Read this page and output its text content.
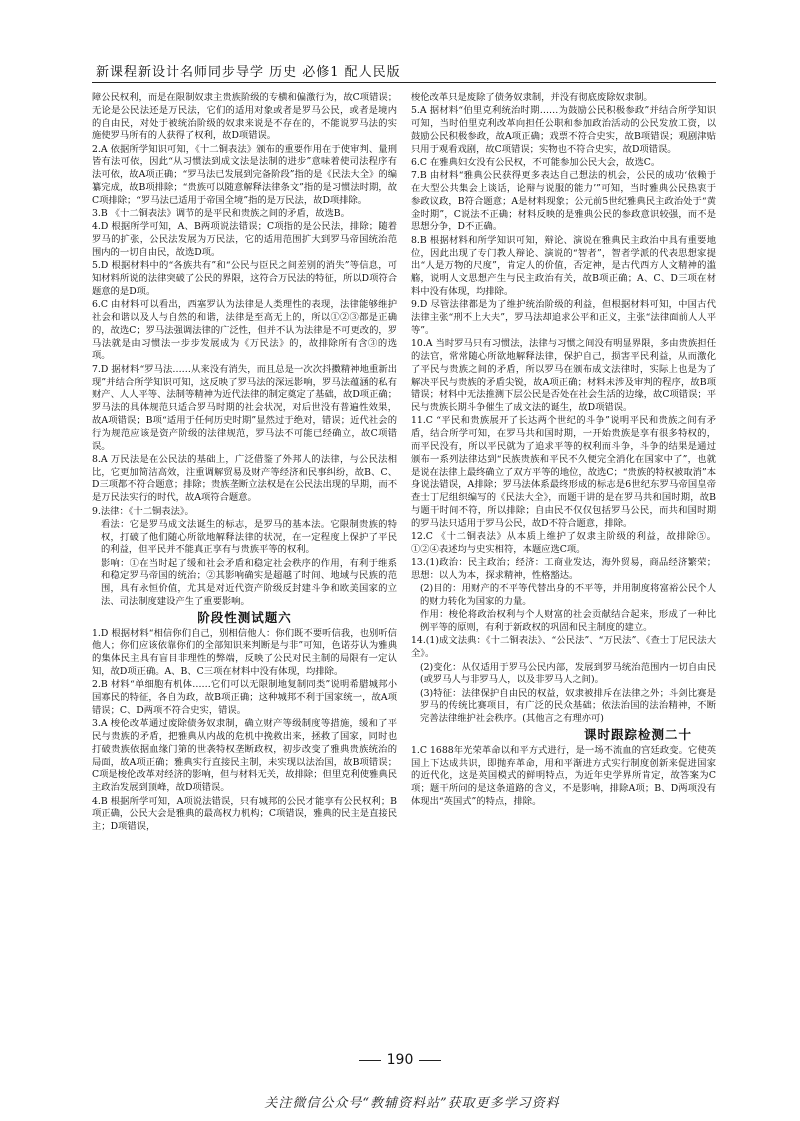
新课程新设计名师同步导学 历史 必修1 配人民版

障公民权利，而是在限制奴隶主贵族阶级的专横和偏激行为，故C项错误；无论是公民法还是万民法，它们的适用对象或者是罗马公民，或者是境内的自由民，对处于被统治阶级的奴隶来说是不存在的，不能说罗马法的实施使罗马所有的人获得了权利，故D项错误。

2.A 依据所学知识可知，《十二铜表法》颁布的重要作用在于使审判、量刑皆有法可依，因此“从习惯法到成文法是法制的进步”意味着使司法程序有法可依，故A项正确；“罗马法已发展到完备阶段”指的是《民法大全》的编纂完成，故B项排除；“贵族可以随意解释法律条文”指的是习惯法时期，故C项排除；“罗马法已适用于帝国全境”指的是万民法，故D项排除。

3.B 《十二铜表法》调节的是平民和贵族之间的矛盾，故选B。

4.D 根据所学可知，A、B两项说法错误；C项指的是公民法，排除；随着罗马的扩张，公民法发展为万民法，它的适用范围扩大到罗马帝国统治范围内的一切自由民，故选D项。

5.D 根据材料中的“各族共有”和“公民与臣民之间差别的消失”等信息，可知材料所说的法律突破了公民的界限，这符合万民法的特征，所以D项符合题意的是D项。

6.C 由材料可以看出，西塞罗认为法律是人类理性的表现，法律能够维护社会和谐以及人与自然的和谐，法律是至高无上的，所以①②③都是正确的，故选C；罗马法强调法律的广泛性，但并不认为法律是不可更改的，罗马法就是由习惯法一步步发展成为《万民法》的，故排除所有含③的选项。

7.D 据材料“罗马法……从来没有消失，而且总是一次次抖擞精神地重新出现”并结合所学知识可知，这反映了罗马法的深远影响，罗马法蕴涵的私有财产、人人平等、法制等精神为近代法律的制定奠定了基础，故D项正确；罗马法的具体规范只适合罗马时期的社会状况，对后世没有普遍性效果，故A项错误；B项“适用于任何历史时期”显然过于绝对，错误；近代社会的行为规范应该是资产阶级的法律规范，罗马法不可能已经确立，故C项错误。

8.A 万民法是在公民法的基础上，广泛借鉴了外邦人的法律，与公民法相比，它更加简洁高效，注重调解贸易及财产等经济和民事纠纷，故B、C、D三项都不符合题意；排除；贵族垄断立法权是在公民法出现的早期，而不是万民法实行的时代，故A项符合题意。

9.法律：《十二铜表法》。

看法：它是罗马成文法诞生的标志，是罗马的基本法。它限制贵族的特权，打破了他们随心所欲地解释法律的状况，在一定程度上保护了平民的利益，但平民并不能真正享有与贵族平等的权利。

影响：①在当时起了缓和社会矛盾和稳定社会秩序的作用，有利于维系和稳定罗马帝国的统治；②其影响确实是超越了时间、地域与民族的范围，具有永恒价值，尤其是对近代资产阶级反封建斗争和欧美国家的立法、司法制度建设产生了重要影响。

阶段性测试题六

1.D 根据材料“相信你们自己，别相信他人：你们既不要听信我，也别听信他人；你们应该依靠你们的全部知识来判断是与非”可知，色诺芬认为雅典的集体民主具有盲目非理性的弊端，反映了公民对民主制的局限有一定认知，故D项正确。A、B、C三项在材料中没有体现，均排除。

2.B 材料“单细胞有机体……它们可以无限制地复制同类”说明希腊城邦小国寡民的特征，各自为政，故B项正确；这种城邦不利于国家统一，故A项错误；C、D两项不符合史实，错误。

3.A 梭伦改革通过废除债务奴隶制，确立财产等级制度等措施，缓和了平民与贵族的矛盾，把雅典从内战的危机中挽救出来，拯救了国家，同时也打破贵族依据血缘门第的世袭特权垄断政权，初步改变了雅典贵族统治的局面，故A项正确；雅典实行直接民主制，未实现以法治国，故B项错误；C项是梭伦改革对经济的影响，但与材料无关，故排除；但里克利使雅典民主政治发展到顶峰，故D项错误。

4.B 根据所学可知，A项说法错误，只有城邦的公民才能享有公民权利；B项正确，公民大会是雅典的最高权力机构；C项错误，雅典的民主是直接民主；D项错误，

梭伦改革只是废除了债务奴隶制，并没有彻底废除奴隶制。

5.A 据材料“伯里克利统治时期……为鼓励公民积极参政”并结合所学知识可知，当时伯里克利改革向担任公职和参加政治活动的公民发放工资，以鼓励公民积极参政，故A项正确；戏票不符合史实，故B项错误；观剧津贴只用于观看戏剧，故C项错误；实物也不符合史实，故D项错误。

6.C 在雅典妇女没有公民权，不可能参加公民大会，故选C。

7.B 由材料“雅典公民获得更多表达自己想法的机会，公民的成功‘依赖于在大型公共集会上谈话，论辩与说服的能力’”可知，当时雅典公民热衷于参政议政，B符合题意；A是材料现象；公元前5世纪雅典民主政治处于“黄金时期”，C说法不正确；材料反映的是雅典公民的参政意识较强，而不是思想分争，D不正确。

8.B 根据材料和所学知识可知，辩论、演说在雅典民主政治中具有重要地位，因此出现了专门教人辩论、演说的“智者”，智者学派的代表思想家提出“人是万物的尺度”，肯定人的价值，否定神，是古代西方人文精神的滥觞，说明人文思想产生与民主政治有关，故B项正确；A、C、D三项在材料中没有体现，均排除。

9.D 尽管法律都是为了维护统治阶级的利益，但根据材料可知，中国古代法律主张“刑不上大夫”，罗马法却追求公平和正义，主张“法律面前人人平等”。

10.A 当时罗马只有习惯法，法律与习惯之间没有明显界限，多由贵族担任的法官，常常随心所欲地解释法律，保护自己，损害平民利益，从而激化了平民与贵族之间的矛盾，所以罗马在颁布成文法律时，实际上也是为了解决平民与贵族的矛盾尖锐，故A项正确；材料未涉及审判的程序，故B项错误；材料中无法推测下层公民是否处在社会生活的边缘，故C项错误；平民与贵族长期斗争催生了成文法的诞生，故D项错误。

11.C “平民和贵族展开了长达两个世纪的斗争”说明平民和贵族之间有矛盾，结合所学可知，在罗马共和国时期，一开始贵族是享有很多特权的，而平民没有，所以平民就为了追求平等的权利而斗争，斗争的结果是通过颁布一系列法律达到“民族贵族和平民不久便完全消化在国家中了”，也就是说在法律上最终确立了双方平等的地位，故选C；“贵族的特权被取消”本身说法错误，A排除；罗马法体系最终形成的标志是6世纪东罗马帝国皇帝查士丁尼组织编写的《民法大全》，而题干讲的是在罗马共和国时期，故B与题干时间不符，所以排除；自由民不仅仅包括罗马公民，而共和国时期的罗马法只适用于罗马公民，故D不符合题意，排除。

12.C 《十二铜表法》从本质上维护了奴隶主阶级的利益，故排除⑤。①②④表述均与史实相符，本题应选C项。

13.(1)政治：民主政治；经济：工商业发达，海外贸易，商品经济繁荣；思想：以人为本，探求精神，性格豁达。

(2)目的：用财产的不平等代替出身的不平等，并用制度将富裕公民个人的财力转化为国家的力量。

作用：梭伦将政治权利与个人财富的社会贡献结合起来，形成了一种比例平等的原则，有利于新政权的巩固和民主制度的建立。

14.(1)成文法典：《十二铜表法》、“公民法”、“万民法”、《查士丁尼民法大全》。

(2)变化：从仅适用于罗马公民内部，发展到罗马统治范围内一切自由民(或罗马人与非罗马人，以及非罗马人之间)。

(3)特征：法律保护自由民的权益，奴隶被排斥在法律之外；斗剑比赛是罗马的传统比赛项目，有广泛的民众基础；依法治国的法治精神，不断完善法律维护社会秩序。(其他言之有理亦可)

课时跟踪检测二十

1.C 1688年光荣革命以和平方式进行，是一场不流血的宫廷政变。它使英国上下达成共识，即抛弃革命，用和平渐进方式实行制度创新来促进国家的近代化，这是英国模式的鲜明特点，为近年史学界所肯定，故答案为C项；题干所问的是这条道路的含义，不是影响，排除A项；B、D两项没有体现出“英国式”的特点，排除。

190
关注微信公众号“教辅资料站”获取更多学习资料
